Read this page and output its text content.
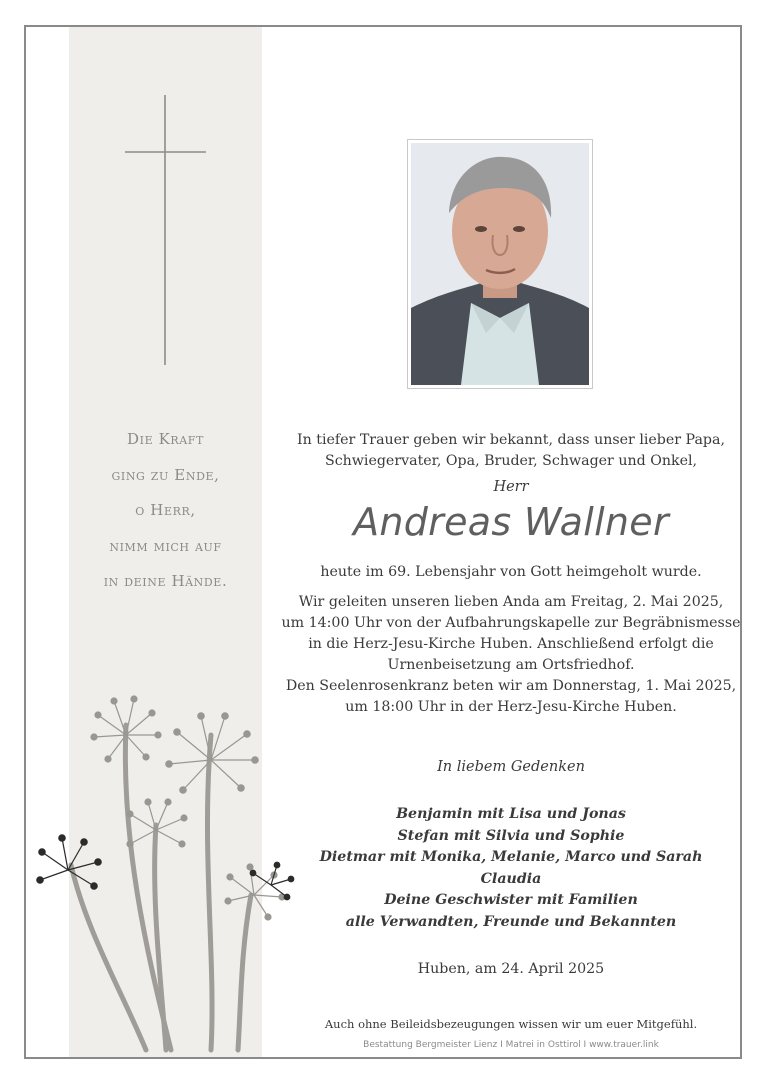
Die Kraft
ging zu Ende,
o Herr,
nimm mich auf
in deine Hände.
In tiefer Trauer geben wir bekannt, dass unser lieber Papa,
Schwiegervater, Opa, Bruder, Schwager und Onkel,
Herr
Andreas Wallner
heute im 69. Lebensjahr von Gott heimgeholt wurde.
Wir geleiten unseren lieben Anda am Freitag, 2. Mai 2025,
um 14:00 Uhr von der Aufbahrungskapelle zur Begräbnismesse
in die Herz-Jesu-Kirche Huben. Anschließend erfolgt die
Urnenbeisetzung am Ortsfriedhof.
Den Seelenrosenkranz beten wir am Donnerstag, 1. Mai 2025,
um 18:00 Uhr in der Herz-Jesu-Kirche Huben.
In liebem Gedenken
Benjamin mit Lisa und Jonas
Stefan mit Silvia und Sophie
Dietmar mit Monika, Melanie, Marco und Sarah
Claudia
Deine Geschwister mit Familien
alle Verwandten, Freunde und Bekannten
Huben, am 24. April 2025
Auch ohne Beileidsbezeugungen wissen wir um euer Mitgefühl.
Bestattung Bergmeister Lienz I Matrei in Osttirol I www.trauer.link
